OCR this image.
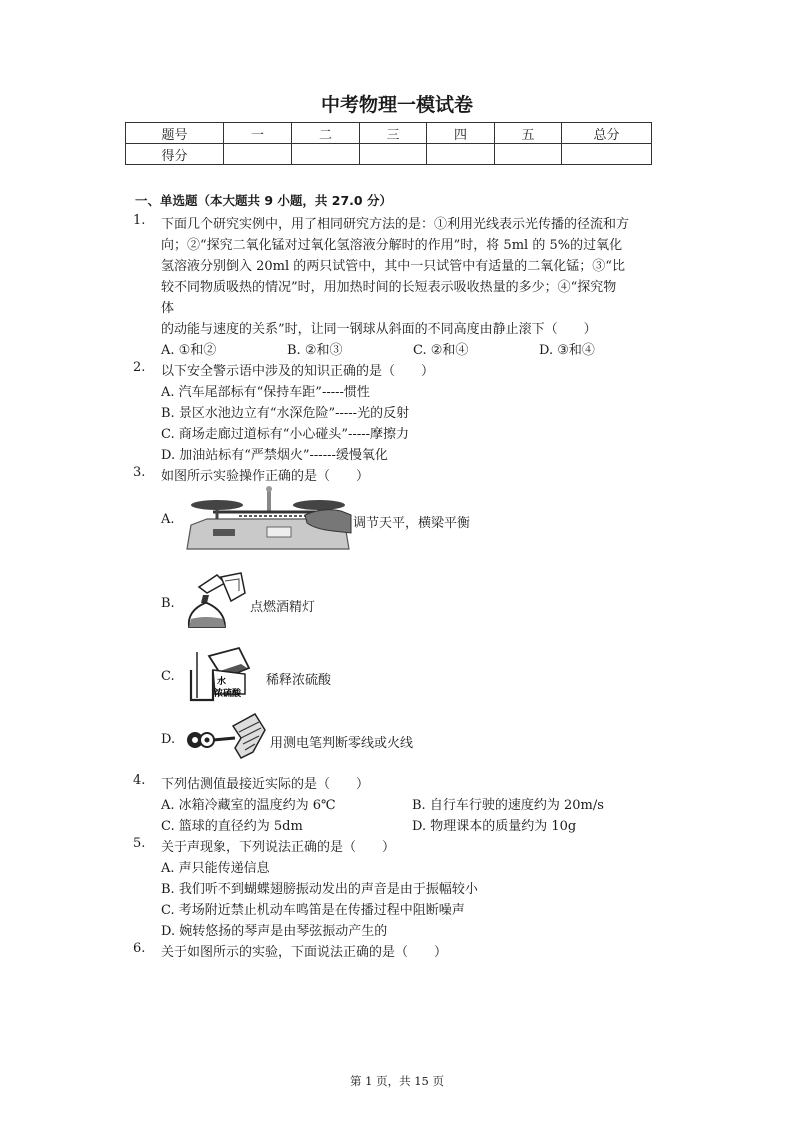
中考物理一模试卷
题号	一	二	三	四	五	总分
得分						
一、单选题（本大题共 9 小题，共 27.0 分）
1. 下面几个研究实例中，用了相同研究方法的是：①利用光线表示光传播的径流和方
向；②“探究二氧化锰对过氧化氢溶液分解时的作用”时，将 5ml 的 5%的过氧化
氢溶液分别倒入 20ml 的两只试管中，其中一只试管中有适量的二氧化锰；③“比
较不同物质吸热的情况”时，用加热时间的长短表示吸收热量的多少；④“探究物
体
的动能与速度的关系”时，让同一钢球从斜面的不同高度由静止滚下（　　）
A. ①和②	B. ②和③	C. ②和④	D. ③和④
2. 以下安全警示语中涉及的知识正确的是（　　）
A. 汽车尾部标有“保持车距”-----惯性
B. 景区水池边立有“水深危险”-----光的反射
C. 商场走廊过道标有“小心碰头”-----摩擦力
D. 加油站标有“严禁烟火”------缓慢氧化
3. 如图所示实验操作正确的是（　　）
A.	调节天平，横梁平衡
B.	点燃酒精灯
C.	水
浓硫酸
稀释浓硫酸
D.	用测电笔判断零线或火线
4. 下列估测值最接近实际的是（　　）
A. 冰箱冷藏室的温度约为 6℃	B. 自行车行驶的速度约为 20m/s
C. 篮球的直径约为 5dm	D. 物理课本的质量约为 10g
5. 关于声现象，下列说法正确的是（　　）
A. 声只能传递信息
B. 我们听不到蝴蝶翅膀振动发出的声音是由于振幅较小
C. 考场附近禁止机动车鸣笛是在传播过程中阻断噪声
D. 婉转悠扬的琴声是由琴弦振动产生的
6. 关于如图所示的实验，下面说法正确的是（　　）
第 1 页，共 15 页
